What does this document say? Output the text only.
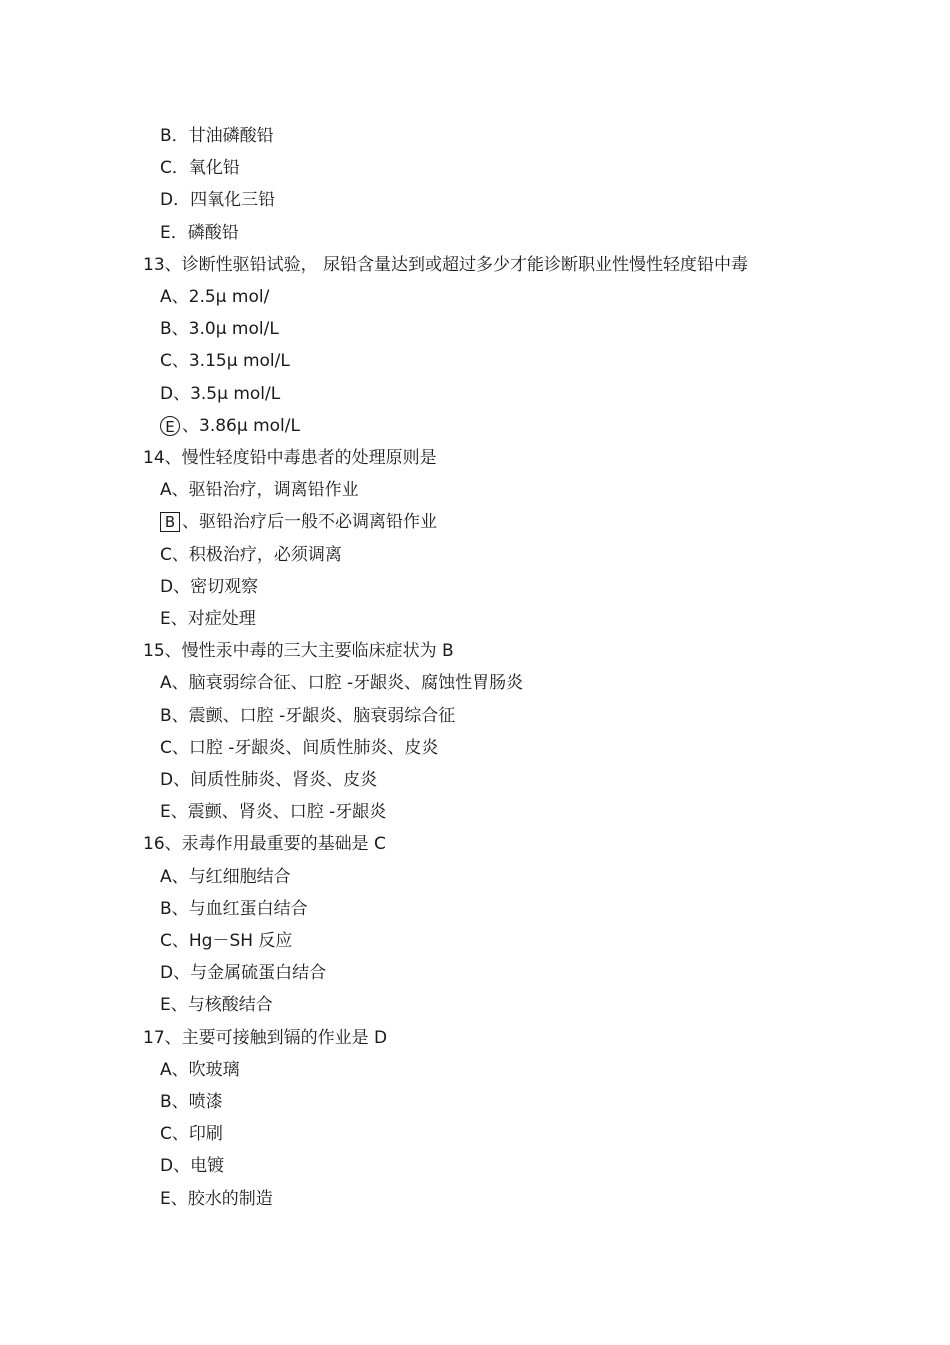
B．甘油磷酸铅
C．氧化铅
D．四氧化三铅
E．磷酸铅
13、诊断性驱铅试验， 尿铅含量达到或超过多少才能诊断职业性慢性轻度铅中毒
A、2.5μ mol/
B、3.0μ mol/L
C、3.15μ mol/L
D、3.5μ mol/L
E 、3.86μ mol/L
14、慢性轻度铅中毒患者的处理原则是
A、驱铅治疗，调离铅作业
B 、驱铅治疗后一般不必调离铅作业
C、积极治疗，必须调离
D、密切观察
E、对症处理
15、慢性汞中毒的三大主要临床症状为 B
A、脑衰弱综合征、口腔 -牙龈炎、腐蚀性胃肠炎
B、震颤、口腔 -牙龈炎、脑衰弱综合征
C、口腔 -牙龈炎、间质性肺炎、皮炎
D、间质性肺炎、肾炎、皮炎
E、震颤、肾炎、口腔 -牙龈炎
16、汞毒作用最重要的基础是 C
A、与红细胞结合
B、与血红蛋白结合
C、Hg－SH 反应
D、与金属硫蛋白结合
E、与核酸结合
17、主要可接触到镉的作业是 D
A、吹玻璃
B、喷漆
C、印刷
D、电镀
E、胶水的制造
